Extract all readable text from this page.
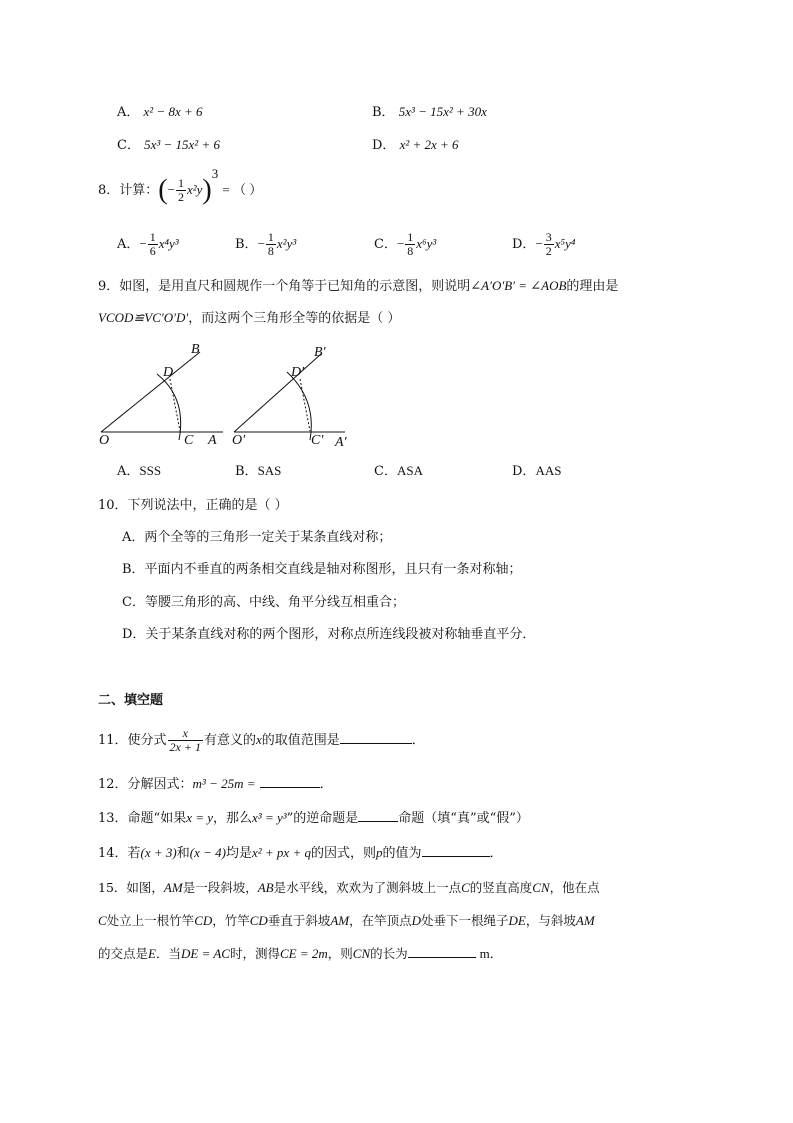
A． x² − 8x + 6	B． 5x³ − 15x² + 30x
C． 5x³ − 15x² + 6	D． x² + 2x + 6
8．计算：(− $\frac{1}{2} x^2y)^3$ = （ ）
A．− $\frac{1}{6} x^4y^3$	B．− $\frac{1}{8} x^2y^3$	C．− $\frac{1}{8} x^6y^3$	D．− $\frac{3}{2} x^5y^4$
9．如图，是用直尺和圆规作一个角等于已知角的示意图，则说明∠A′O′B′ = ∠AOB的理由是
VCOD≌VC′O′D′，而这两个三角形全等的依据是（ ）
O	C A
D
B
O′	C′ A′
D′
B′
A．SSS	B．SAS	C．ASA	D．AAS
10．下列说法中，正确的是（ ）
A．两个全等的三角形一定关于某条直线对称；
B．平面内不垂直的两条相交直线是轴对称图形，且只有一条对称轴；
C．等腰三角形的高、中线、角平分线互相重合；
D．关于某条直线对称的两个图形，对称点所连线段被对称轴垂直平分．
二、填空题
11．使分式 $\frac{x}{2x + 1}$ 有意义的x的取值范围是	．
12．分解因式：m³ − 25m =	．
13．命题“如果x = y，那么x³ = y³”的逆命题是	命题（填“真”或“假”）
14．若(x + 3)和(x − 4)均是x² + px + q的因式，则p的值为	．
15．如图，AM是一段斜坡，AB是水平线，欢欢为了测斜坡上一点C的竖直高度CN，他在点
C处立上一根竹竿CD，竹竿CD垂直于斜坡AM，在竿顶点D处垂下一根绳子DE，与斜坡AM
的交点是E．当DE = AC时，测得CE = 2m，则CN的长为	m．
